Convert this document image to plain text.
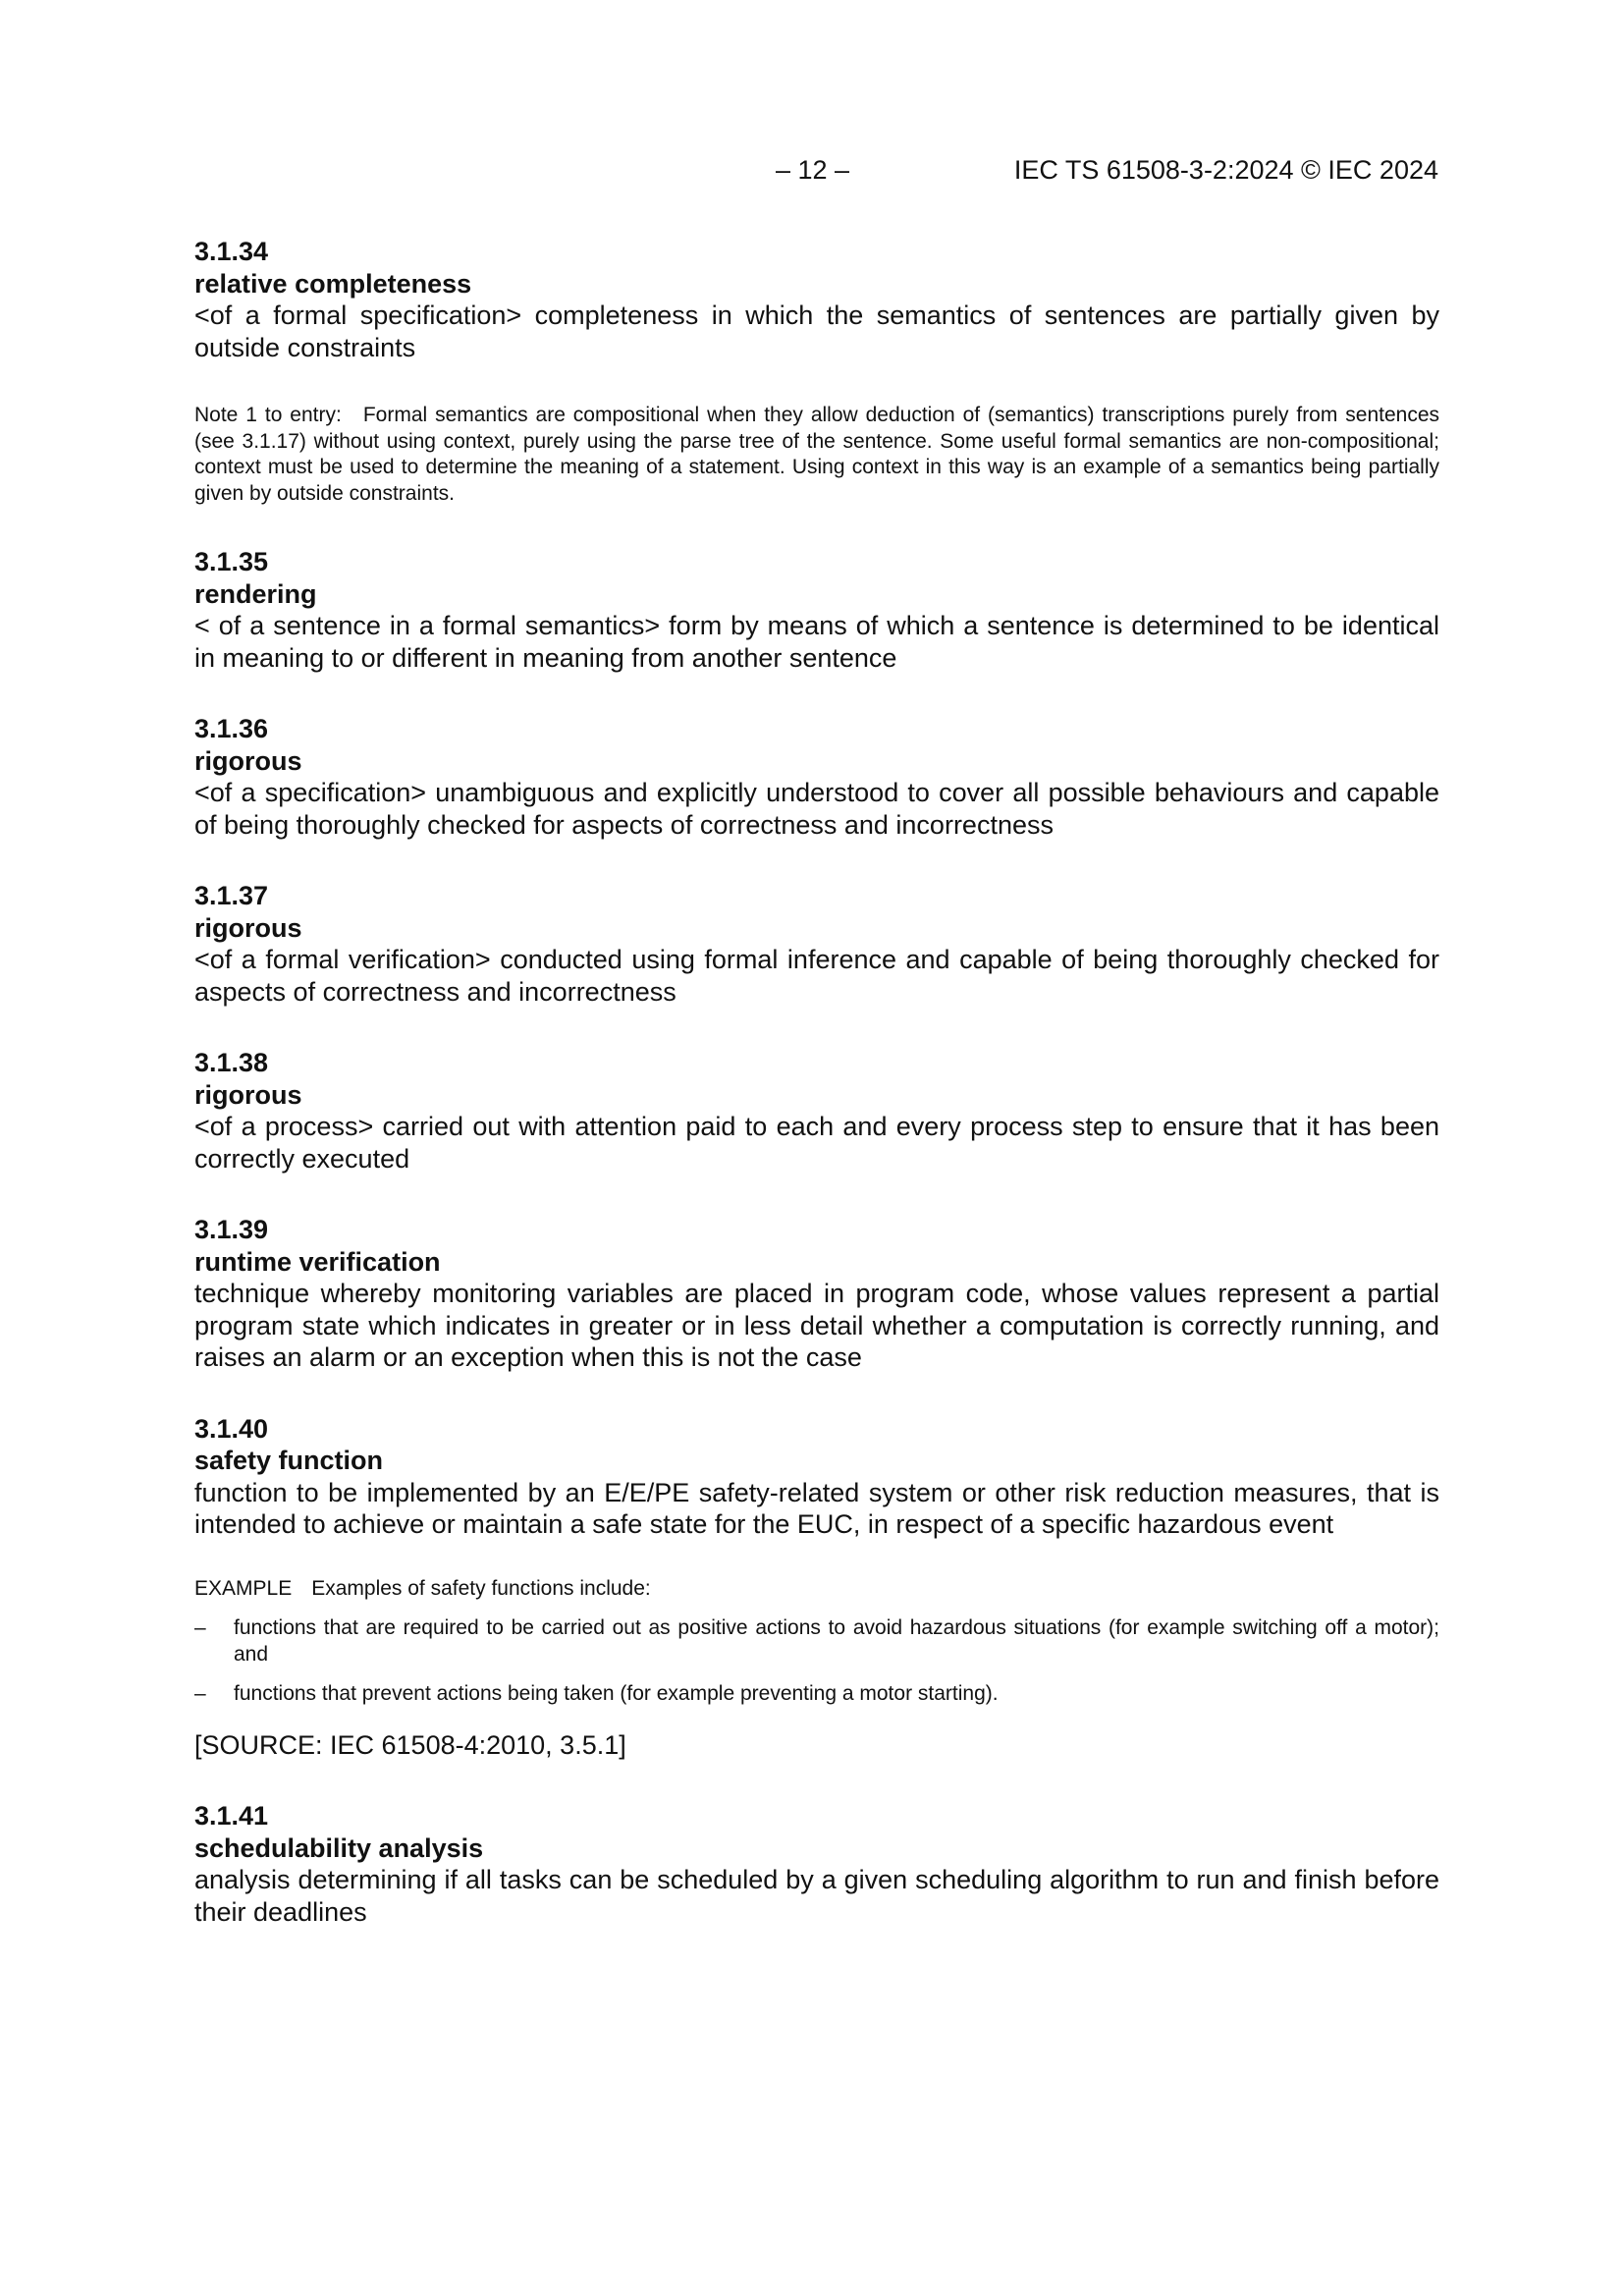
– 12 –	IEC TS 61508-3-2:2024 © IEC 2024

3.1.34

relative completeness

<of a formal specification> completeness in which the semantics of sentences are partially given by outside constraints

Note 1 to entry: Formal semantics are compositional when they allow deduction of (semantics) transcriptions purely from sentences (see 3.1.17) without using context, purely using the parse tree of the sentence. Some useful formal semantics are non-compositional; context must be used to determine the meaning of a statement. Using context in this way is an example of a semantics being partially given by outside constraints.

3.1.35

rendering

< of a sentence in a formal semantics> form by means of which a sentence is determined to be identical in meaning to or different in meaning from another sentence

3.1.36

rigorous

<of a specification> unambiguous and explicitly understood to cover all possible behaviours and capable of being thoroughly checked for aspects of correctness and incorrectness

3.1.37

rigorous

<of a formal verification> conducted using formal inference and capable of being thoroughly checked for aspects of correctness and incorrectness

3.1.38

rigorous

<of a process> carried out with attention paid to each and every process step to ensure that it has been correctly executed

3.1.39

runtime verification

technique whereby monitoring variables are placed in program code, whose values represent a partial program state which indicates in greater or in less detail whether a computation is correctly running, and raises an alarm or an exception when this is not the case

3.1.40

safety function

function to be implemented by an E/E/PE safety-related system or other risk reduction measures, that is intended to achieve or maintain a safe state for the EUC, in respect of a specific hazardous event

EXAMPLE Examples of safety functions include:

– functions that are required to be carried out as positive actions to avoid hazardous situations (for example switching off a motor); and
– functions that prevent actions being taken (for example preventing a motor starting).

[SOURCE: IEC 61508-4:2010, 3.5.1]

3.1.41

schedulability analysis

analysis determining if all tasks can be scheduled by a given scheduling algorithm to run and finish before their deadlines
